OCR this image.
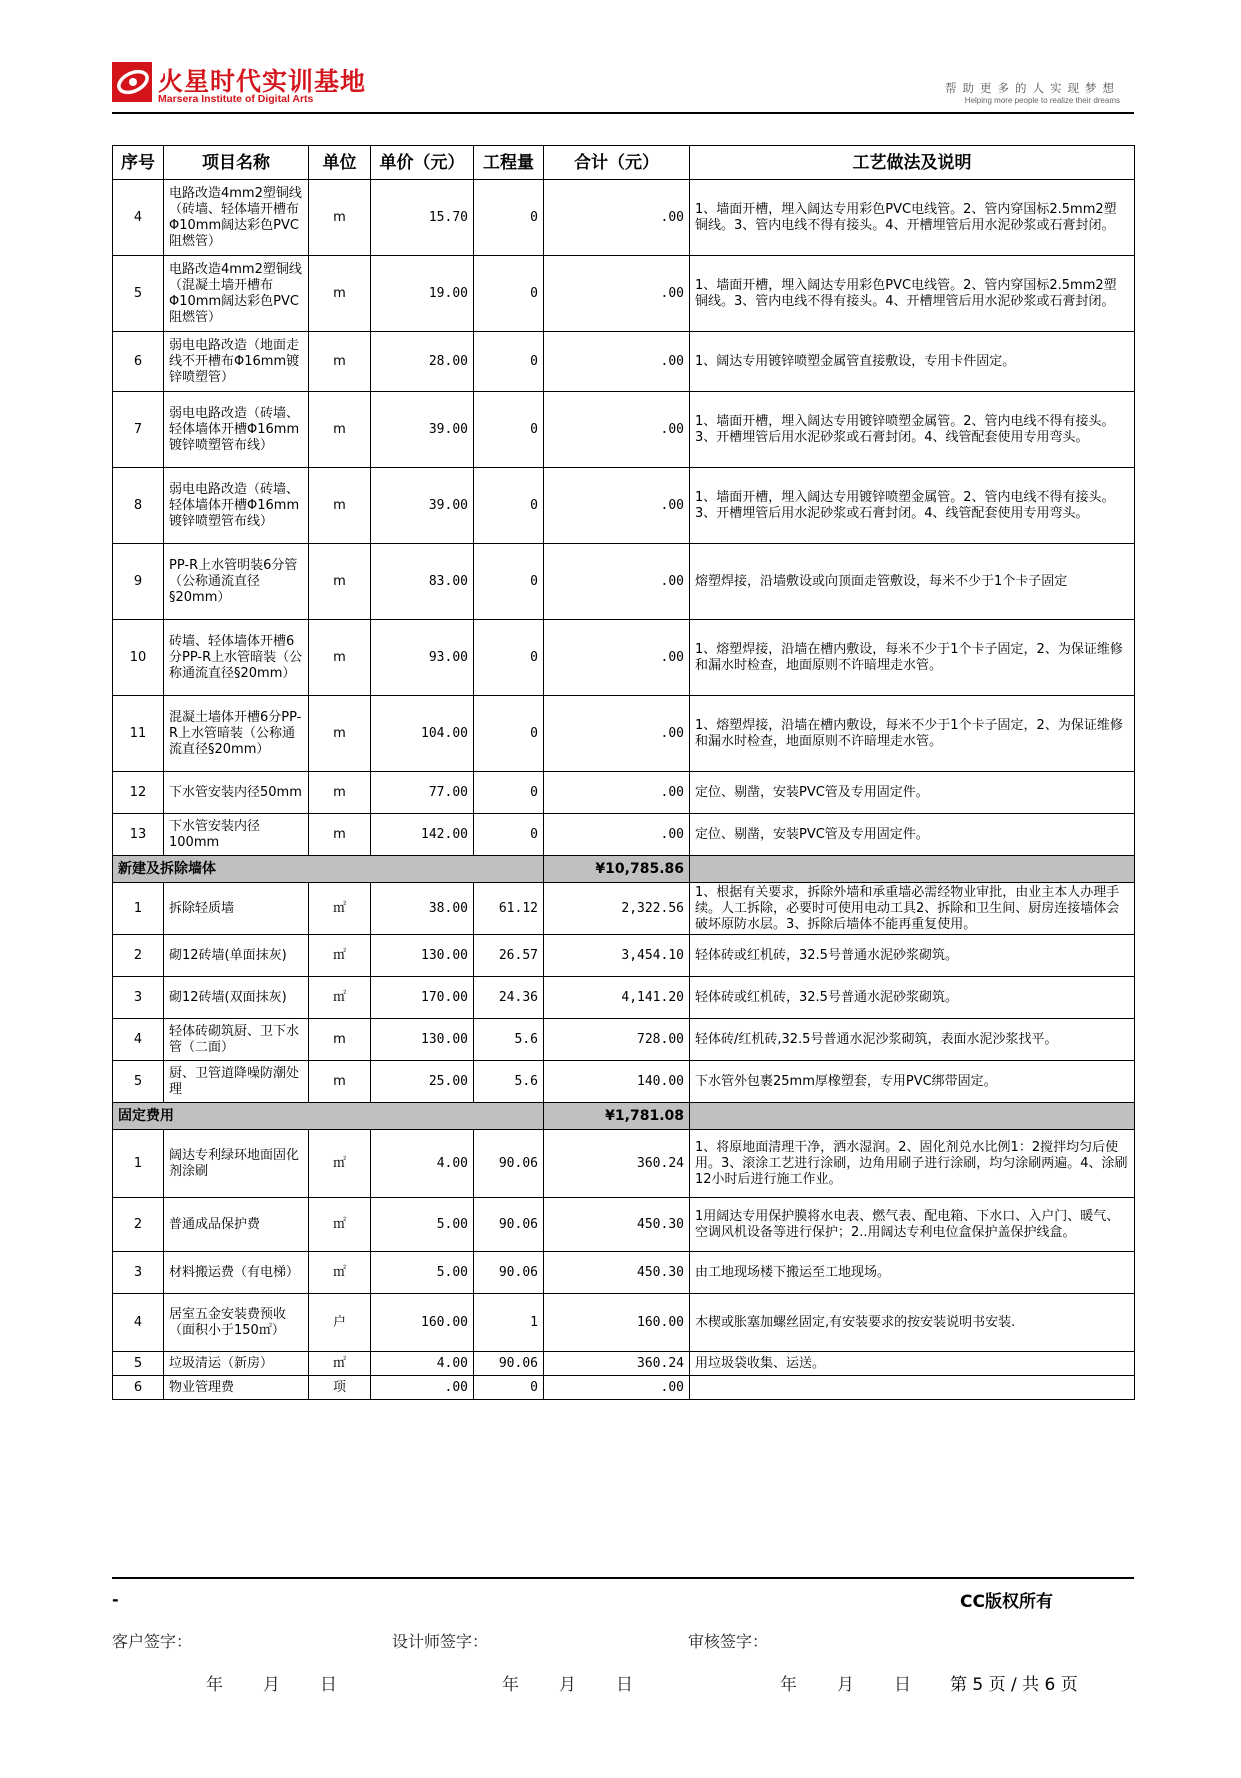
火星时代实训基地
Marsera Institute of Digital Arts
帮助更多的人实现梦想
Helping more people to realize their dreams
序号	项目名称	单位	单价（元）	工程量	合计（元）	工艺做法及说明
4	电路改造4mm2塑铜线（砖墙、轻体墙开槽布Φ10mm阔达彩色PVC阻燃管）	m	15.70	0	.00	1、墙面开槽，埋入阔达专用彩色PVC电线管。2、管内穿国标2.5mm2塑铜线。3、管内电线不得有接头。4、开槽埋管后用水泥砂浆或石膏封闭。
5	电路改造4mm2塑铜线（混凝土墙开槽布Φ10mm阔达彩色PVC阻燃管）	m	19.00	0	.00	1、墙面开槽，埋入阔达专用彩色PVC电线管。2、管内穿国标2.5mm2塑铜线。3、管内电线不得有接头。4、开槽埋管后用水泥砂浆或石膏封闭。
6	弱电电路改造（地面走线不开槽布Φ16mm镀锌喷塑管）	m	28.00	0	.00	1、阔达专用镀锌喷塑金属管直接敷设，专用卡件固定。
7	弱电电路改造（砖墙、轻体墙体开槽Φ16mm镀锌喷塑管布线）	m	39.00	0	.00	1、墙面开槽，埋入阔达专用镀锌喷塑金属管。2、管内电线不得有接头。3、开槽埋管后用水泥砂浆或石膏封闭。4、线管配套使用专用弯头。
8	弱电电路改造（砖墙、轻体墙体开槽Φ16mm镀锌喷塑管布线）	m	39.00	0	.00	1、墙面开槽，埋入阔达专用镀锌喷塑金属管。2、管内电线不得有接头。3、开槽埋管后用水泥砂浆或石膏封闭。4、线管配套使用专用弯头。
9	PP-R上水管明装6分管（公称通流直径§20mm）	m	83.00	0	.00	熔塑焊接，沿墙敷设或向顶面走管敷设，每米不少于1个卡子固定
10	砖墙、轻体墙体开槽6分PP-R上水管暗装（公称通流直径§20mm）	m	93.00	0	.00	1、熔塑焊接，沿墙在槽内敷设，每米不少于1个卡子固定，2、为保证维修和漏水时检查，地面原则不许暗埋走水管。
11	混凝土墙体开槽6分PP-R上水管暗装（公称通流直径§20mm）	m	104.00	0	.00	1、熔塑焊接，沿墙在槽内敷设，每米不少于1个卡子固定，2、为保证维修和漏水时检查，地面原则不许暗埋走水管。
12	下水管安装内径50mm	m	77.00	0	.00	定位、剔凿，安装PVC管及专用固定件。
13	下水管安装内径100mm	m	142.00	0	.00	定位、剔凿，安装PVC管及专用固定件。
新建及拆除墙体					¥10,785.86	
1	拆除轻质墙	㎡	38.00	61.12	2,322.56	1、根据有关要求，拆除外墙和承重墙必需经物业审批，由业主本人办理手续。人工拆除，必要时可使用电动工具2、拆除和卫生间、厨房连接墙体会破坏原防水层。3、拆除后墙体不能再重复使用。
2	砌12砖墙(单面抹灰)	㎡	130.00	26.57	3,454.10	轻体砖或红机砖，32.5号普通水泥砂浆砌筑。
3	砌12砖墙(双面抹灰)	㎡	170.00	24.36	4,141.20	轻体砖或红机砖，32.5号普通水泥砂浆砌筑。
4	轻体砖砌筑厨、卫下水管（二面）	m	130.00	5.6	728.00	轻体砖/红机砖,32.5号普通水泥沙浆砌筑，表面水泥沙浆找平。
5	厨、卫管道降噪防潮处理	m	25.00	5.6	140.00	下水管外包裹25mm厚橡塑套，专用PVC绑带固定。
固定费用					¥1,781.08	
1	阔达专利绿环地面固化剂涂刷	㎡	4.00	90.06	360.24	1、将原地面清理干净，洒水湿润。2、固化剂兑水比例1：2搅拌均匀后使用。3、滚涂工艺进行涂刷，边角用刷子进行涂刷，均匀涂刷两遍。4、涂刷12小时后进行施工作业。
2	普通成品保护费	㎡	5.00	90.06	450.30	1用阔达专用保护膜将水电表、燃气表、配电箱、下水口、入户门、暖气、空调风机设备等进行保护；2..用阔达专利电位盒保护盖保护线盒。
3	材料搬运费（有电梯）	㎡	5.00	90.06	450.30	由工地现场楼下搬运至工地现场。
4	居室五金安装费预收（面积小于150㎡）	户	160.00	1	160.00	木楔或胀塞加螺丝固定,有安装要求的按安装说明书安装.
5	垃圾清运（新房）	㎡	4.00	90.06	360.24	用垃圾袋收集、运送。
6	物业管理费	项	.00	0	.00	
-	CC版权所有
客户签字：	设计师签字：	审核签字：
年 月 日	年 月 日	年 月 日 第 5 页 / 共 6 页
